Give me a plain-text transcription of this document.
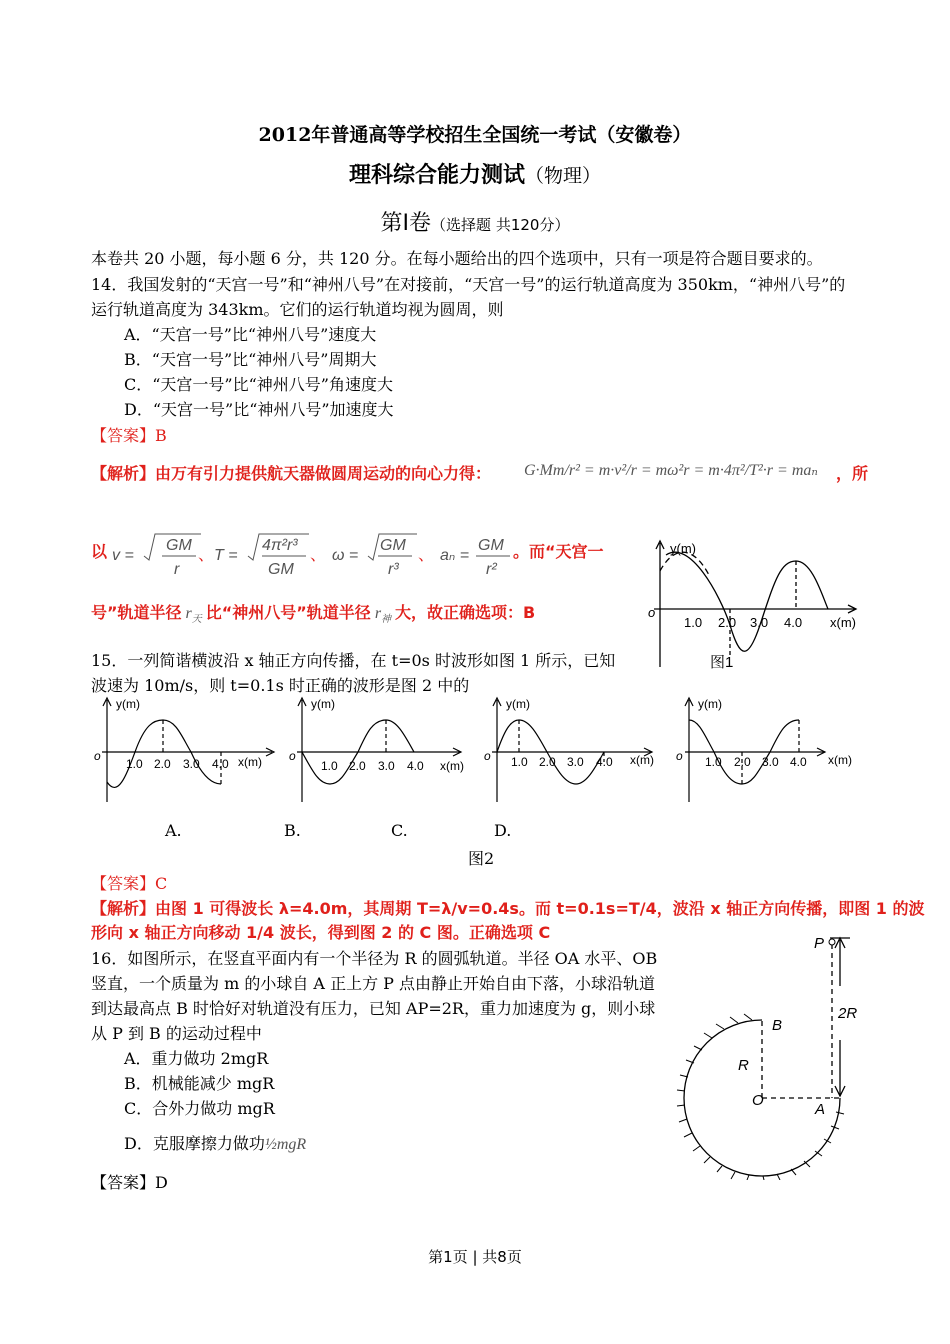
2012年普通高等学校招生全国统一考试（安徽卷）
理科综合能力测试（物理）
第Ⅰ卷（选择题 共120分）
本卷共 20 小题，每小题 6 分，共 120 分。在每小题给出的四个选项中，只有一项是符合题目要求的。
14．我国发射的“天宫一号”和“神州八号”在对接前，“天宫一号”的运行轨道高度为 350km，“神州八号”的
运行轨道高度为 343km。它们的运行轨道均视为圆周，则
A．“天宫一号”比“神州八号”速度大
B．“天宫一号”比“神州八号”周期大
C．“天宫一号”比“神州八号”角速度大
D．“天宫一号”比“神州八号”加速度大
【答案】B
【解析】由万有引力提供航天器做圆周运动的向心力得： G·Mm/r² = m·v²/r = mω²r = m·4π²/T²·r = maₙ ，所
以 v =
GM
r
、 T =
4π²r³
GM
、 ω =
GM
r³
、 aₙ =
GM
r²
。而“天宫一
号”轨道半径 $r_天$ 比“神州八号”轨道半径 $r_神$ 大，故正确选项：B
y(m)
o
1.0 2.0 3.0 4.0 x(m)
图1
15．一列简谐横波沿 x 轴正方向传播，在 t=0s 时波形如图 1 所示，已知
波速为 10m/s，则 t=0.1s 时正确的波形是图 2 中的
y(m)
o
1.0 2.0 3.0 4.0 x(m)
y(m)
o
1.0 2.0 3.0 4.0 x(m)
y(m)
o 1.0 2.0 3.0 4.0 x(m)
y(m)
o 1.0 2.0 3.0 4.0 x(m)
A.	B.	C.	D.
图2
【答案】C
【解析】由图 1 可得波长 λ=4.0m，其周期 T=λ/v=0.4s。而 t=0.1s=T/4，波沿 x 轴正方向传播，即图 1 的波
形向 x 轴正方向移动 1/4 波长，得到图 2 的 C 图。正确选项 C
16．如图所示，在竖直平面内有一个半径为 R 的圆弧轨道。半径 OA 水平、OB
竖直，一个质量为 m 的小球自 A 正上方 P 点由静止开始自由下落，小球沿轨道
到达最高点 B 时恰好对轨道没有压力，已知 AP=2R，重力加速度为 g，则小球
从 P 到 B 的运动过程中
A．重力做功 2mgR
B．机械能减少 mgR
C．合外力做功 mgR
D．克服摩擦力做功½mgR
【答案】D
P
B
R
2R
O
A
第1页 | 共8页
